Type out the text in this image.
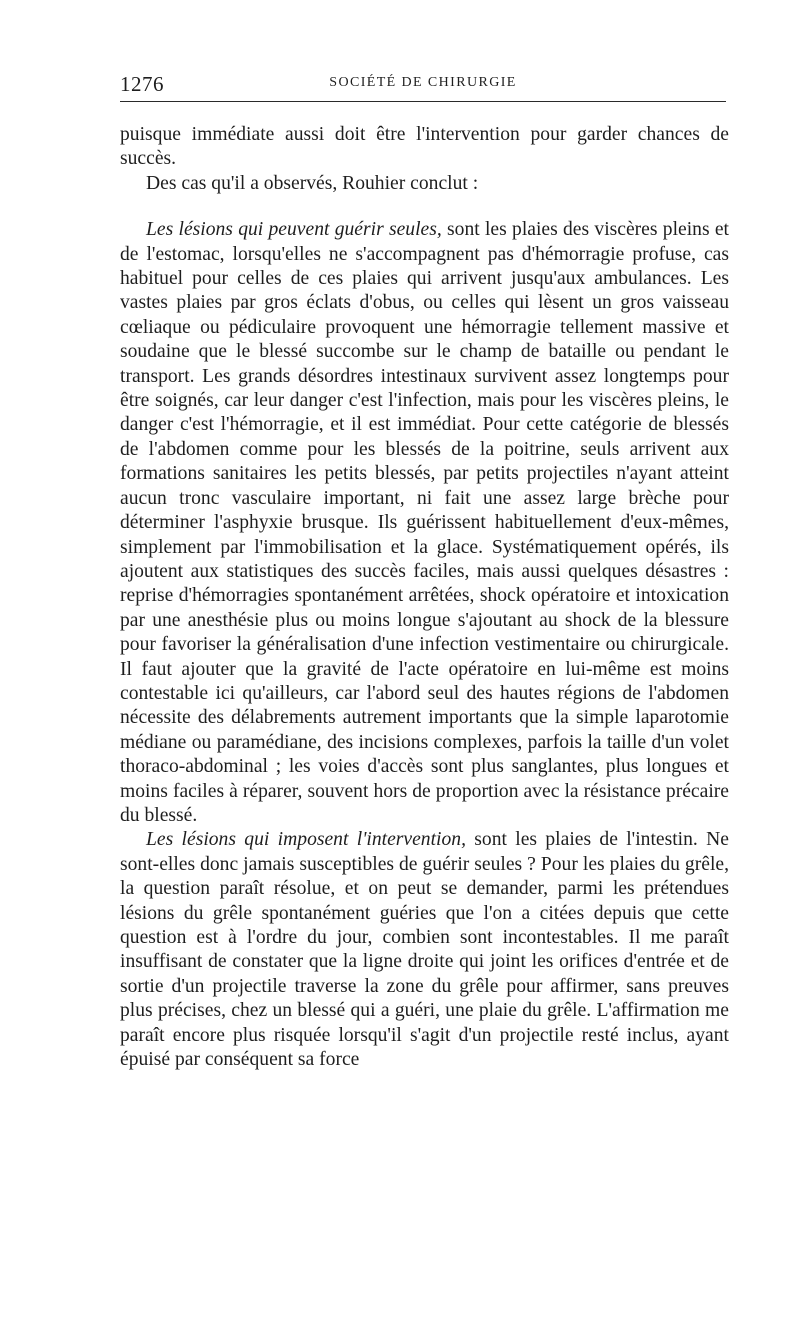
1276	SOCIÉTÉ DE CHIRURGIE

puisque immédiate aussi doit être l'intervention pour garder chances de succès.

Des cas qu'il a observés, Rouhier conclut :

Les lésions qui peuvent guérir seules, sont les plaies des viscères pleins et de l'estomac, lorsqu'elles ne s'accompagnent pas d'hémorragie profuse, cas habituel pour celles de ces plaies qui arrivent jusqu'aux ambulances. Les vastes plaies par gros éclats d'obus, ou celles qui lèsent un gros vaisseau cœliaque ou pédiculaire provoquent une hémorragie tellement massive et soudaine que le blessé succombe sur le champ de bataille ou pendant le transport. Les grands désordres intestinaux survivent assez longtemps pour être soignés, car leur danger c'est l'infection, mais pour les viscères pleins, le danger c'est l'hémorragie, et il est immédiat. Pour cette catégorie de blessés de l'abdomen comme pour les blessés de la poitrine, seuls arrivent aux formations sanitaires les petits blessés, par petits projectiles n'ayant atteint aucun tronc vasculaire important, ni fait une assez large brèche pour déterminer l'asphyxie brusque. Ils guérissent habituellement d'eux-mêmes, simplement par l'immobilisation et la glace. Systématiquement opérés, ils ajoutent aux statistiques des succès faciles, mais aussi quelques désastres : reprise d'hémorragies spontanément arrêtées, shock opératoire et intoxication par une anesthésie plus ou moins longue s'ajoutant au shock de la blessure pour favoriser la généralisation d'une infection vestimentaire ou chirurgicale. Il faut ajouter que la gravité de l'acte opératoire en lui-même est moins contestable ici qu'ailleurs, car l'abord seul des hautes régions de l'abdomen nécessite des délabrements autrement importants que la simple laparotomie médiane ou paramédiane, des incisions complexes, parfois la taille d'un volet thoraco-abdominal ; les voies d'accès sont plus sanglantes, plus longues et moins faciles à réparer, souvent hors de proportion avec la résistance précaire du blessé.

Les lésions qui imposent l'intervention, sont les plaies de l'intestin. Ne sont-elles donc jamais susceptibles de guérir seules ? Pour les plaies du grêle, la question paraît résolue, et on peut se demander, parmi les prétendues lésions du grêle spontanément guéries que l'on a citées depuis que cette question est à l'ordre du jour, combien sont incontestables. Il me paraît insuffisant de constater que la ligne droite qui joint les orifices d'entrée et de sortie d'un projectile traverse la zone du grêle pour affirmer, sans preuves plus précises, chez un blessé qui a guéri, une plaie du grêle. L'affirmation me paraît encore plus risquée lorsqu'il s'agit d'un projectile resté inclus, ayant épuisé par conséquent sa force
